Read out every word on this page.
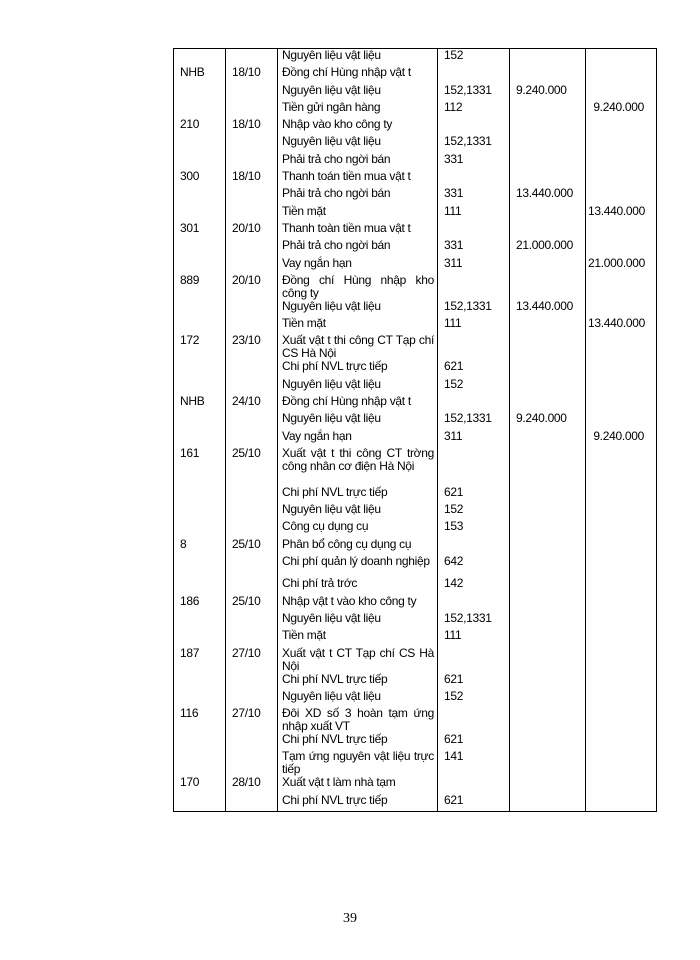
		Nguyên liệu vật liệu	152		
NHB	18/10	Đồng chí Hùng nhập vật t			
		Nguyên liệu vật liệu	152,1331	9.240.000	
		Tiền gửi ngân hàng	112		9.240.000
210	18/10	Nhập vào kho công ty			
		Nguyên liệu vật liệu	152,1331		
		Phải trả cho ngời bán	331		
300	18/10	Thanh toán tiền mua vật t			
		Phải trả cho ngời bán	331	13.440.000	
		Tiền mặt	111		13.440.000
301	20/10	Thanh toàn tiền mua vật t			
		Phải trả cho ngời bán	331	21.000.000	
		Vay ngắn hạn	311		21.000.000
889	20/10	Đồng chí Hùng nhập kho công ty			
		Nguyên liệu vật liệu	152,1331	13.440.000	
		Tiền mặt	111		13.440.000
172	23/10	Xuất vật t thi công CT Tạp chí CS Hà Nội			
		Chi phí NVL trực tiếp	621		
		Nguyên liệu vật liệu	152		
NHB	24/10	Đồng chí Hùng nhập vật t			
		Nguyên liệu vật liệu	152,1331	9.240.000	
		Vay ngắn hạn	311		9.240.000
161	25/10	Xuất vật t thi công CT trờng công nhân cơ điện Hà Nội			
		Chi phí NVL trực tiếp	621		
		Nguyên liệu vật liệu	152		
		Công cụ dụng cụ	153		
8	25/10	Phân bổ công cụ dụng cụ			
		Chi phí quản lý doanh nghiệp	642		
		Chi phí trả trớc	142		
186	25/10	Nhập vật t vào kho công ty			
		Nguyên liệu vật liệu	152,1331		
		Tiền mặt	111		
187	27/10	Xuất vật t CT Tạp chí CS Hà Nội			
		Chi phí NVL trực tiếp	621		
		Nguyên liệu vật liệu	152		
116	27/10	Đôi XD số 3 hoàn tạm ứng nhập xuất VT			
		Chi phí NVL trực tiếp	621		
		Tạm ứng nguyên vật liệu trực tiếp	141		
170	28/10	Xuất vật t làm nhà tạm			
		Chi phí NVL trực tiếp	621		
39
